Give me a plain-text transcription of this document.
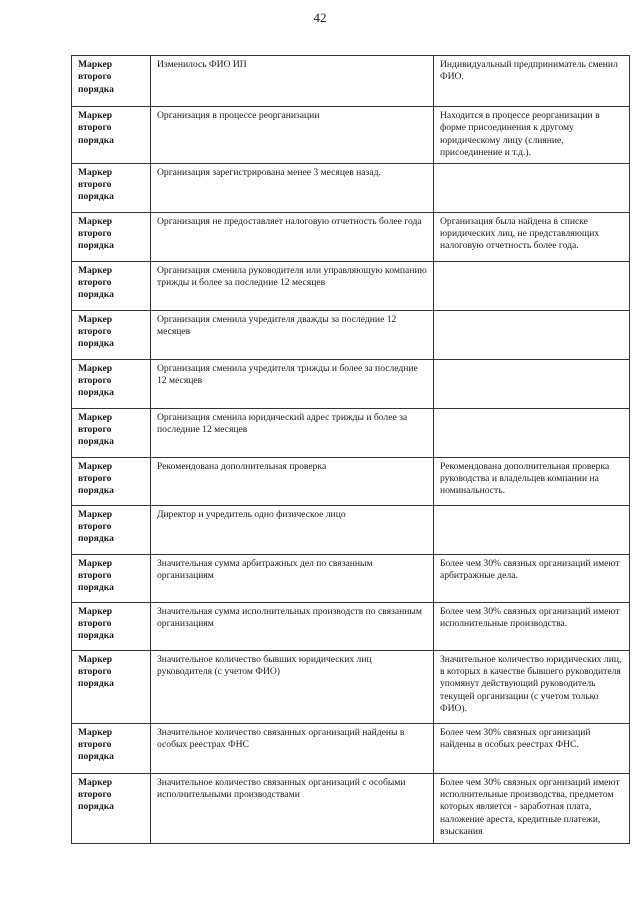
42
Маркер
второго
порядка	Изменилось ФИО ИП	Индивидуальный предприниматель сменил ФИО.

Маркер
второго
порядка	Организация в процессе реорганизации	Находится в процессе реорганизации в форме присоединения к другому юридическому лицу (слияние, присоединение и т.д.).

Маркер
второго
порядка	Организация зарегистрирована менее 3 месяцев назад.	

Маркер
второго
порядка	Организация не предоставляет налоговую отчетность более года	Организация была найдена в списке юридических лиц, не представляющих налоговую отчетность более года.

Маркер
второго
порядка	Организация сменила руководителя или управляющую компанию трижды и более за последние 12 месяцев	

Маркер
второго
порядка	Организация сменила учредителя дважды за последние 12 месяцев	

Маркер
второго
порядка	Организация сменила учредителя трижды и более за последние 12 месяцев	

Маркер
второго
порядка	Организация сменила юридический адрес трижды и более за последние 12 месяцев	

Маркер
второго
порядка	Рекомендована дополнительная проверка	Рекомендована дополнительная проверка руководства и владельцев компании на номинальность.

Маркер
второго
порядка	Директор и учредитель одно физическое лицо	

Маркер
второго
порядка	Значительная сумма арбитражных дел по связанным организациям	Более чем 30% связных организаций имеют арбитражные дела.

Маркер
второго
порядка	Значительная сумма исполнительных производств по связанным организациям	Более чем 30% связных организаций имеют исполнительные производства.

Маркер
второго
порядка	Значительное количество бывших юридических лиц руководителя (с учетом ФИО)	Значительное количество юридических лиц, в которых в качестве бывшего руководителя упомянут действующий руководитель текущей организации (с учетом только ФИО).

Маркер
второго
порядка	Значительное количество связанных организаций найдены в особых реестрах ФНС	Более чем 30% связных организаций найдены в особых реестрах ФНС.

Маркер
второго
порядка	Значительное количество связанных организаций с особыми исполнительными производствами	Более чем 30% связных организаций имеют исполнительные производства, предметом которых является - заработная плата, наложение ареста, кредитные платежи, взыскания
